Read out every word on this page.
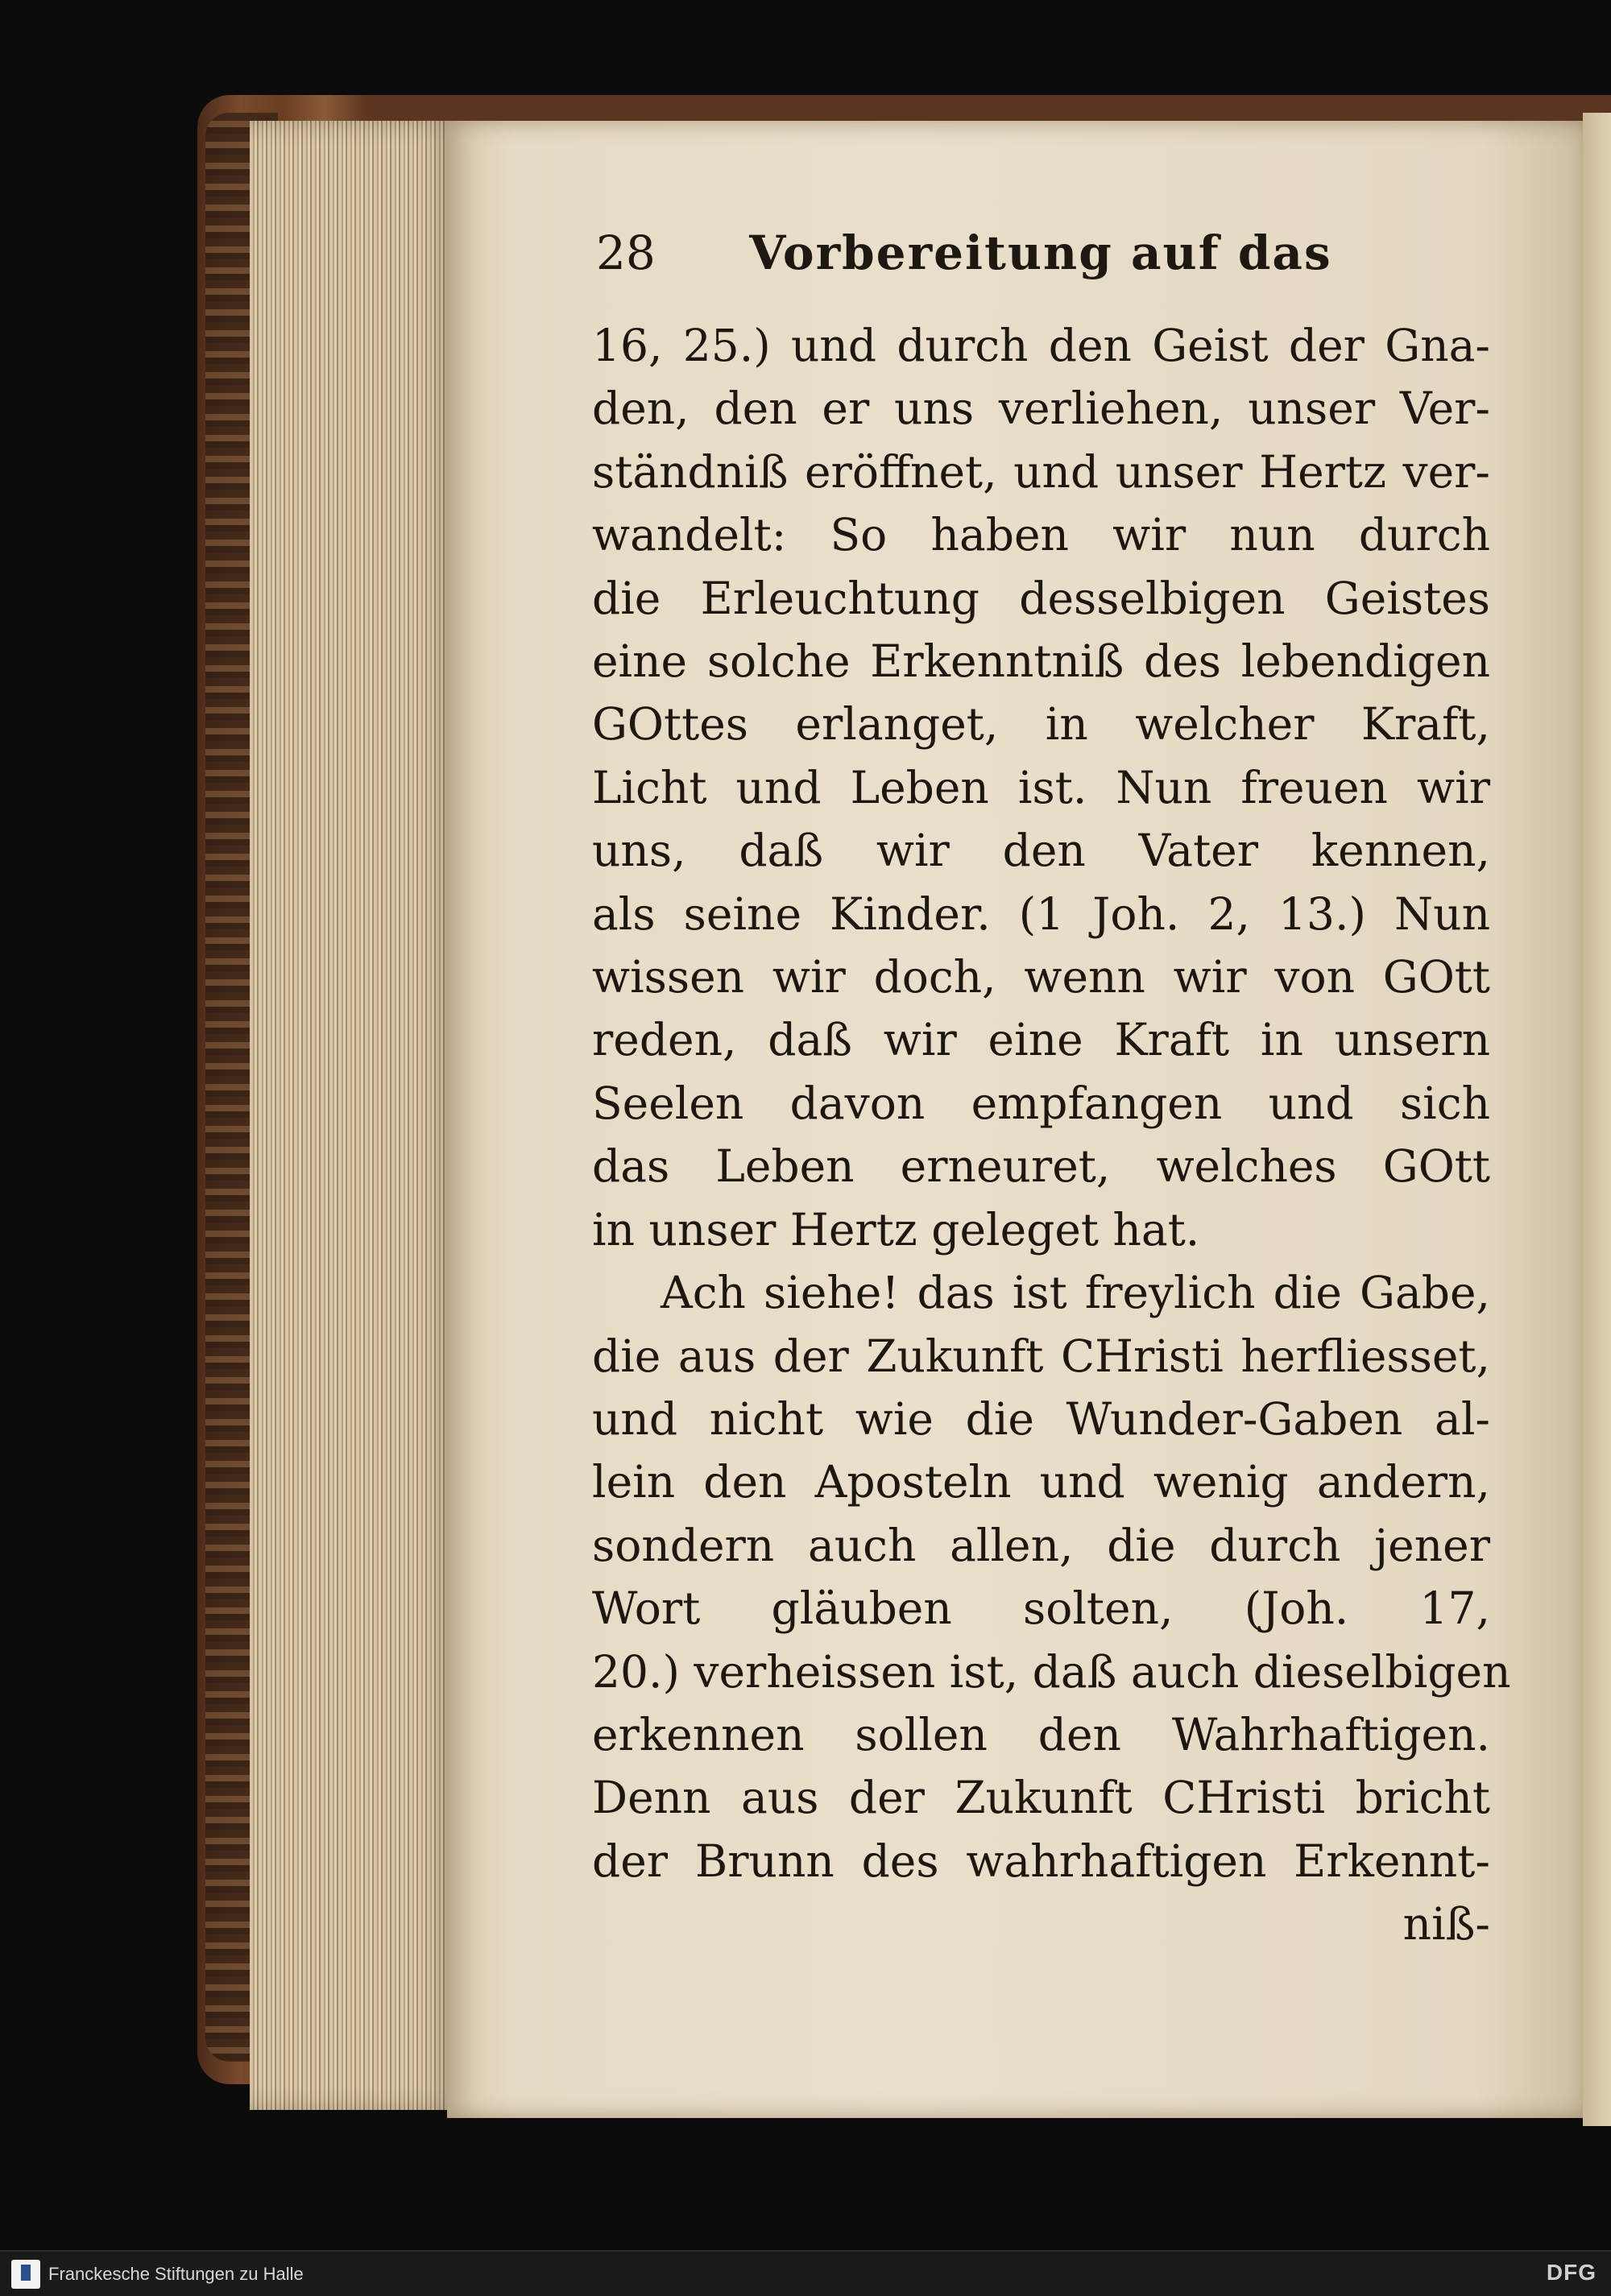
28 Vorbereitung auf das
16, 25.) und durch den Geist der Gna-
den, den er uns verliehen, unser Ver-
ständniß eröffnet, und unser Hertz ver-
wandelt: So haben wir nun durch
die Erleuchtung desselbigen Geistes
eine solche Erkenntniß des lebendigen
GOttes erlanget, in welcher Kraft,
Licht und Leben ist. Nun freuen wir
uns, daß wir den Vater kennen,
als seine Kinder. (1 Joh. 2, 13.) Nun
wissen wir doch, wenn wir von GOtt
reden, daß wir eine Kraft in unsern
Seelen davon empfangen und sich
das Leben erneuret, welches GOtt
in unser Hertz geleget hat.
Ach siehe! das ist freylich die Gabe,
die aus der Zukunft CHristi herfliesset,
und nicht wie die Wunder-Gaben al-
lein den Aposteln und wenig andern,
sondern auch allen, die durch jener
Wort gläuben solten, (Joh. 17,
20.) verheissen ist, daß auch dieselbigen
erkennen sollen den Wahrhaftigen.
Denn aus der Zukunft CHristi bricht
der Brunn des wahrhaftigen Erkennt-
niß-
Franckesche Stiftungen zu Halle	DFG
